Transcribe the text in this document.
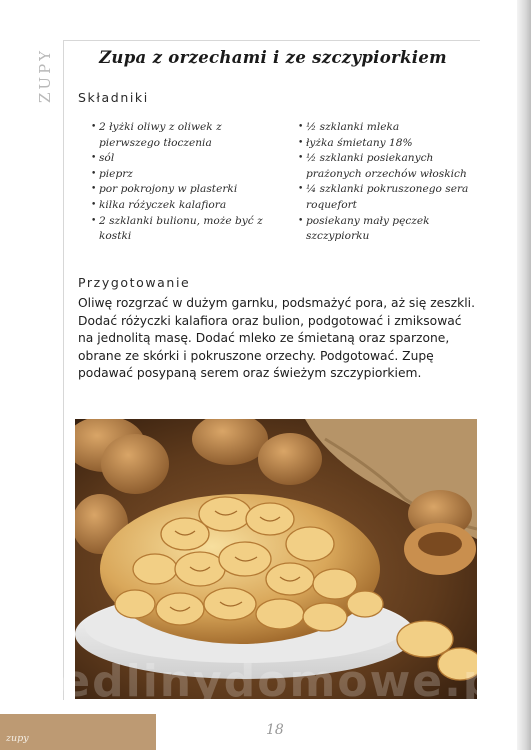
ZUPY	Zupa z orzechami i ze szczypiorkiem
Składniki
• 2 łyżki oliwy z oliwek z pierwszego tłoczenia
• sól
• pieprz
• por pokrojony w plasterki
• kilka różyczek kalafiora
• 2 szklanki bulionu, może być z kostki
• ½ szklanki mleka
• łyżka śmietany 18%
• ½ szklanki posiekanych prażonych orzechów włoskich
• ¼ szklanki pokruszonego sera roquefort
• posiekany mały pęczek szczypiorku
Przygotowanie

Oliwę rozgrzać w dużym garnku, podsmażyć pora, aż się zeszkli. Dodać różyczki kalafiora oraz bulion, podgotować i zmiksować na jednolitą masę. Dodać mleko ze śmietaną oraz sparzone, obrane ze skórki i pokruszone orzechy. Podgotować. Zupę podawać posypaną serem oraz świeżym szczypiorkiem.

wedlinydomowe.pl
zupy
18
